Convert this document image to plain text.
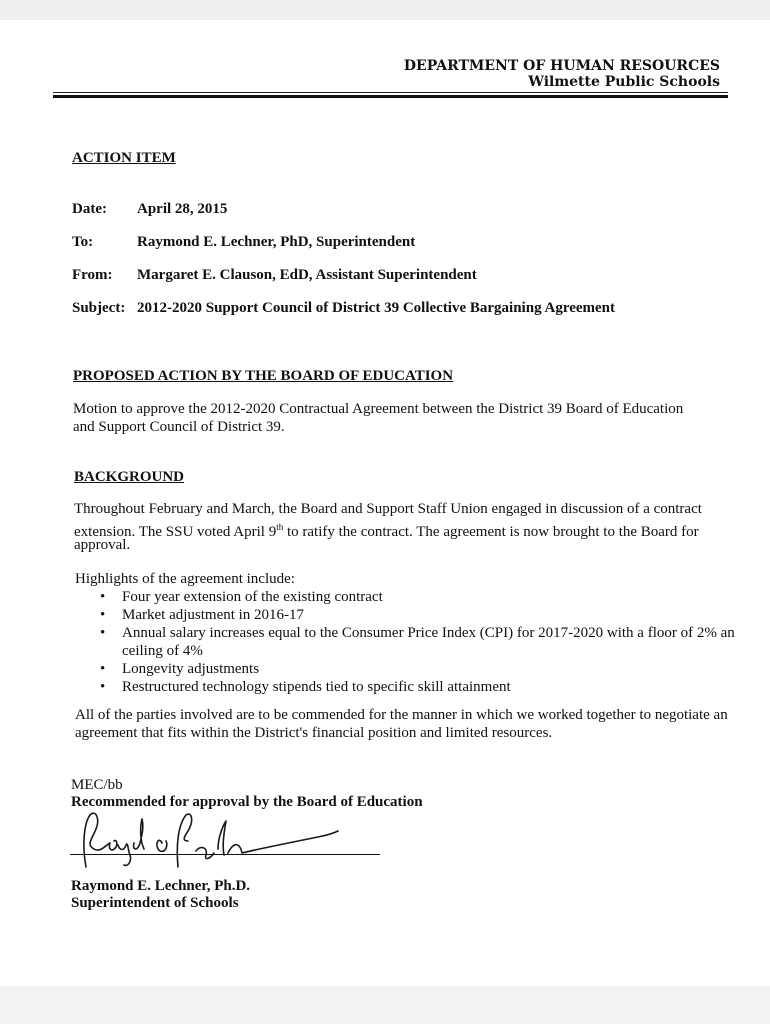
DEPARTMENT OF HUMAN RESOURCES
Wilmette Public Schools
ACTION ITEM
Date: April 28, 2015
To:	Raymond E. Lechner, PhD, Superintendent
From: Margaret E. Clauson, EdD, Assistant Superintendent
Subject: 2012-2020 Support Council of District 39 Collective Bargaining Agreement
PROPOSED ACTION BY THE BOARD OF EDUCATION
Motion to approve the 2012-2020 Contractual Agreement between the District 39 Board of Education
and Support Council of District 39.
BACKGROUND
Throughout February and March, the Board and Support Staff Union engaged in discussion of a contract
extension. The SSU voted April 9th to ratify the contract. The agreement is now brought to the Board for
approval.
Highlights of the agreement include:
• Four year extension of the existing contract
• Market adjustment in 2016-17
• Annual salary increases equal to the Consumer Price Index (CPI) for 2017-2020 with a floor of 2% an
ceiling of 4%
• Longevity adjustments
• Restructured technology stipends tied to specific skill attainment
All of the parties involved are to be commended for the manner in which we worked together to negotiate an
agreement that fits within the District's financial position and limited resources.
MEC/bb
Recommended for approval by the Board of Education
Raymond E. Lechner, Ph.D.
Superintendent of Schools
